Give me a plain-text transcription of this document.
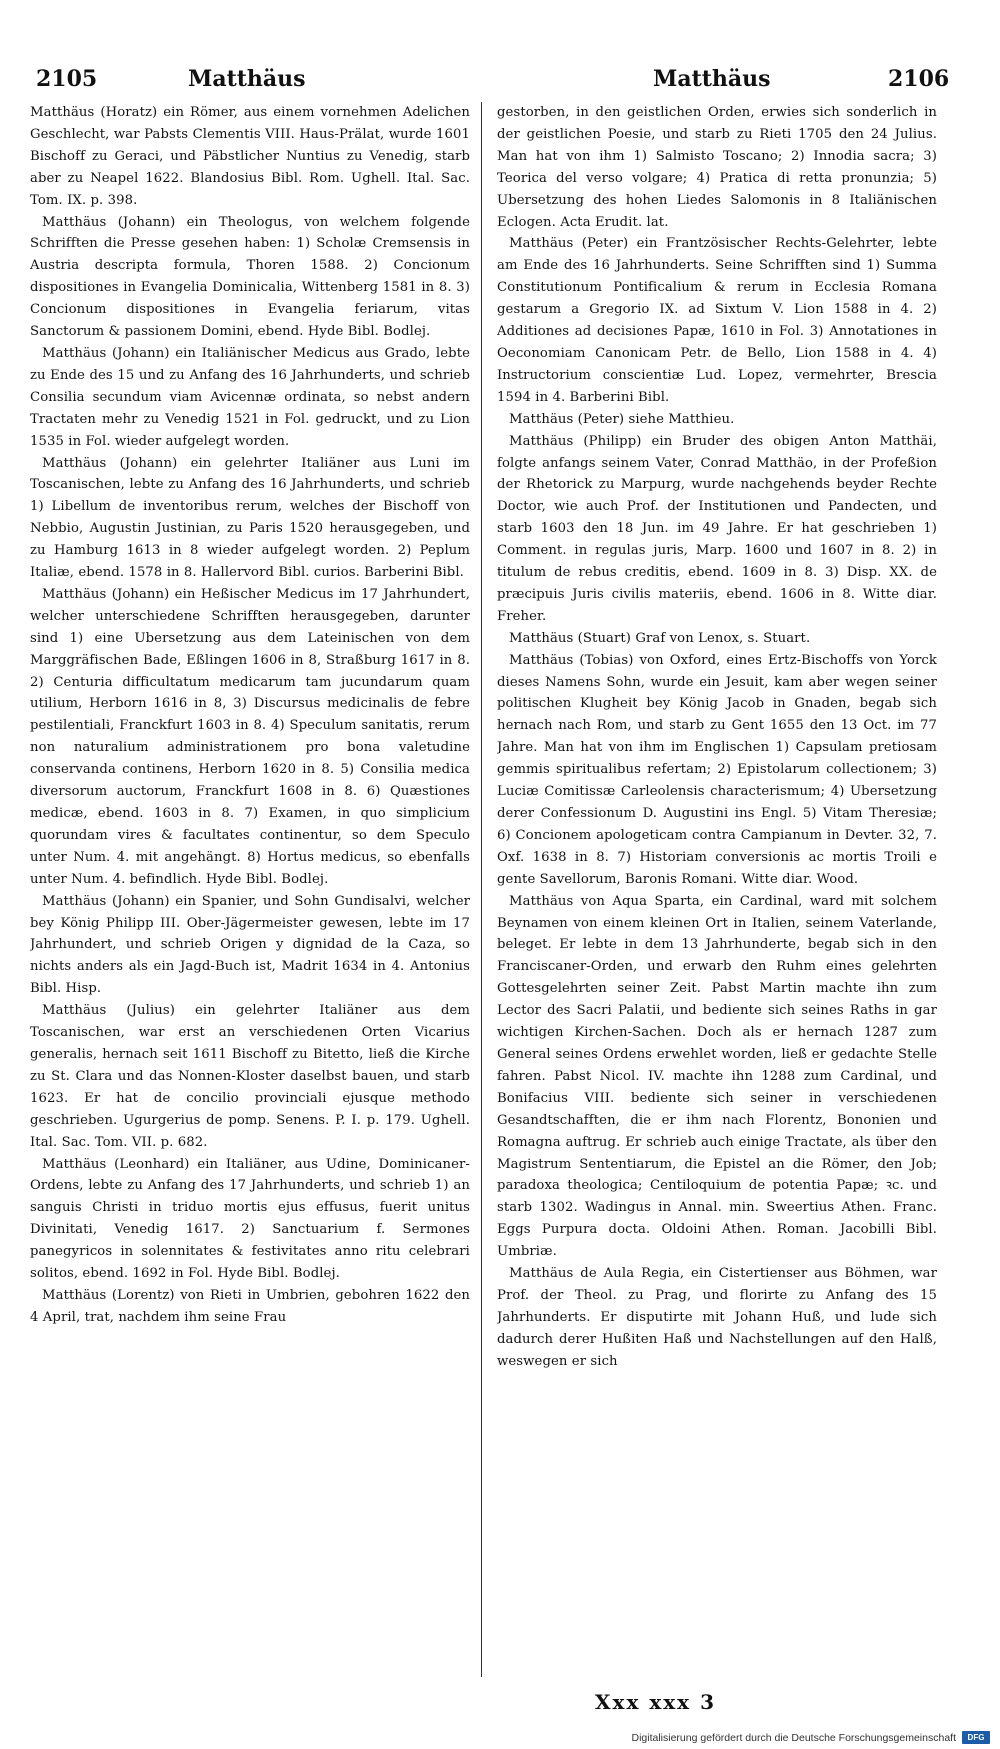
2105	Matthäus	Matthäus	2106

Matthäus (Horatz) ein Römer, aus einem vornehmen Adelichen Geschlecht, war Pabsts Clementis VIII. Haus-Prälat, wurde 1601 Bischoff zu Geraci, und Päbstlicher Nuntius zu Venedig, starb aber zu Neapel 1622. Blandosius Bibl. Rom. Ughell. Ital. Sac. Tom. IX. p. 398.

Matthäus (Johann) ein Theologus, von welchem folgende Schrifften die Presse gesehen haben: 1) Scholæ Cremsensis in Austria descripta formula, Thoren 1588. 2) Concionum dispositiones in Evangelia Dominicalia, Wittenberg 1581 in 8. 3) Concionum dispositiones in Evangelia feriarum, vitas Sanctorum & passionem Domini, ebend. Hyde Bibl. Bodlej.

Matthäus (Johann) ein Italiänischer Medicus aus Grado, lebte zu Ende des 15 und zu Anfang des 16 Jahrhunderts, und schrieb Consilia secundum viam Avicennæ ordinata, so nebst andern Tractaten mehr zu Venedig 1521 in Fol. gedruckt, und zu Lion 1535 in Fol. wieder aufgelegt worden.

Matthäus (Johann) ein gelehrter Italiäner aus Luni im Toscanischen, lebte zu Anfang des 16 Jahrhunderts, und schrieb 1) Libellum de inventoribus rerum, welches der Bischoff von Nebbio, Augustin Justinian, zu Paris 1520 herausgegeben, und zu Hamburg 1613 in 8 wieder aufgelegt worden. 2) Peplum Italiæ, ebend. 1578 in 8. Hallervord Bibl. curios. Barberini Bibl.

Matthäus (Johann) ein Heßischer Medicus im 17 Jahrhundert, welcher unterschiedene Schrifften herausgegeben, darunter sind 1) eine Ubersetzung aus dem Lateinischen von dem Marggräfischen Bade, Eßlingen 1606 in 8, Straßburg 1617 in 8. 2) Centuria difficultatum medicarum tam jucundarum quam utilium, Herborn 1616 in 8, 3) Discursus medicinalis de febre pestilentiali, Franckfurt 1603 in 8. 4) Speculum sanitatis, rerum non naturalium administrationem pro bona valetudine conservanda continens, Herborn 1620 in 8. 5) Consilia medica diversorum auctorum, Franckfurt 1608 in 8. 6) Quæstiones medicæ, ebend. 1603 in 8. 7) Examen, in quo simplicium quorundam vires & facultates continentur, so dem Speculo unter Num. 4. mit angehängt. 8) Hortus medicus, so ebenfalls unter Num. 4. befindlich. Hyde Bibl. Bodlej.

Matthäus (Johann) ein Spanier, und Sohn Gundisalvi, welcher bey König Philipp III. Ober-Jägermeister gewesen, lebte im 17 Jahrhundert, und schrieb Origen y dignidad de la Caza, so nichts anders als ein Jagd-Buch ist, Madrit 1634 in 4. Antonius Bibl. Hisp.

Matthäus (Julius) ein gelehrter Italiäner aus dem Toscanischen, war erst an verschiedenen Orten Vicarius generalis, hernach seit 1611 Bischoff zu Bitetto, ließ die Kirche zu St. Clara und das Nonnen-Kloster daselbst bauen, und starb 1623. Er hat de concilio provinciali ejusque methodo geschrieben. Ugurgerius de pomp. Senens. P. I. p. 179. Ughell. Ital. Sac. Tom. VII. p. 682.

Matthäus (Leonhard) ein Italiäner, aus Udine, Dominicaner-Ordens, lebte zu Anfang des 17 Jahrhunderts, und schrieb 1) an sanguis Christi in triduo mortis ejus effusus, fuerit unitus Divinitati, Venedig 1617. 2) Sanctuarium f. Sermones panegyricos in solennitates & festivitates anno ritu celebrari solitos, ebend. 1692 in Fol. Hyde Bibl. Bodlej.

Matthäus (Lorentz) von Rieti in Umbrien, gebohren 1622 den 4 April, trat, nachdem ihm seine Frau

gestorben, in den geistlichen Orden, erwies sich sonderlich in der geistlichen Poesie, und starb zu Rieti 1705 den 24 Julius. Man hat von ihm 1) Salmisto Toscano; 2) Innodia sacra; 3) Teorica del verso volgare; 4) Pratica di retta pronunzia; 5) Ubersetzung des hohen Liedes Salomonis in 8 Italiänischen Eclogen. Acta Erudit. lat.

Matthäus (Peter) ein Frantzösischer Rechts-Gelehrter, lebte am Ende des 16 Jahrhunderts. Seine Schrifften sind 1) Summa Constitutionum Pontificalium & rerum in Ecclesia Romana gestarum a Gregorio IX. ad Sixtum V. Lion 1588 in 4. 2) Additiones ad decisiones Papæ, 1610 in Fol. 3) Annotationes in Oeconomiam Canonicam Petr. de Bello, Lion 1588 in 4. 4) Instructorium conscientiæ Lud. Lopez, vermehrter, Brescia 1594 in 4. Barberini Bibl.

Matthäus (Peter) siehe Matthieu.

Matthäus (Philipp) ein Bruder des obigen Anton Matthäi, folgte anfangs seinem Vater, Conrad Matthäo, in der Profeßion der Rhetorick zu Marpurg, wurde nachgehends beyder Rechte Doctor, wie auch Prof. der Institutionen und Pandecten, und starb 1603 den 18 Jun. im 49 Jahre. Er hat geschrieben 1) Comment. in regulas juris, Marp. 1600 und 1607 in 8. 2) in titulum de rebus creditis, ebend. 1609 in 8. 3) Disp. XX. de præcipuis Juris civilis materiis, ebend. 1606 in 8. Witte diar. Freher.

Matthäus (Stuart) Graf von Lenox, s. Stuart.

Matthäus (Tobias) von Oxford, eines Ertz-Bischoffs von Yorck dieses Namens Sohn, wurde ein Jesuit, kam aber wegen seiner politischen Klugheit bey König Jacob in Gnaden, begab sich hernach nach Rom, und starb zu Gent 1655 den 13 Oct. im 77 Jahre. Man hat von ihm im Englischen 1) Capsulam pretiosam gemmis spiritualibus refertam; 2) Epistolarum collectionem; 3) Luciæ Comitissæ Carleolensis characterismum; 4) Ubersetzung derer Confessionum D. Augustini ins Engl. 5) Vitam Theresiæ; 6) Concionem apologeticam contra Campianum in Devter. 32, 7. Oxf. 1638 in 8. 7) Historiam conversionis ac mortis Troili e gente Savellorum, Baronis Romani. Witte diar. Wood.

Matthäus von Aqua Sparta, ein Cardinal, ward mit solchem Beynamen von einem kleinen Ort in Italien, seinem Vaterlande, beleget. Er lebte in dem 13 Jahrhunderte, begab sich in den Franciscaner-Orden, und erwarb den Ruhm eines gelehrten Gottesgelehrten seiner Zeit. Pabst Martin machte ihn zum Lector des Sacri Palatii, und bediente sich seines Raths in gar wichtigen Kirchen-Sachen. Doch als er hernach 1287 zum General seines Ordens erwehlet worden, ließ er gedachte Stelle fahren. Pabst Nicol. IV. machte ihn 1288 zum Cardinal, und Bonifacius VIII. bediente sich seiner in verschiedenen Gesandtschafften, die er ihm nach Florentz, Bononien und Romagna auftrug. Er schrieb auch einige Tractate, als über den Magistrum Sententiarum, die Epistel an die Römer, den Job; paradoxa theologica; Centiloquium de potentia Papæ; ꝛc. und starb 1302. Wadingus in Annal. min. Sweertius Athen. Franc. Eggs Purpura docta. Oldoini Athen. Roman. Jacobilli Bibl. Umbriæ.

Matthäus de Aula Regia, ein Cistertienser aus Böhmen, war Prof. der Theol. zu Prag, und florirte zu Anfang des 15 Jahrhunderts. Er disputirte mit Johann Huß, und lude sich dadurch derer Hußiten Haß und Nachstellungen auf den Halß, weswegen er sich

Xxx xxx 3
Digitalisierung gefördert durch die Deutsche Forschungsgemeinschaft	DFG
